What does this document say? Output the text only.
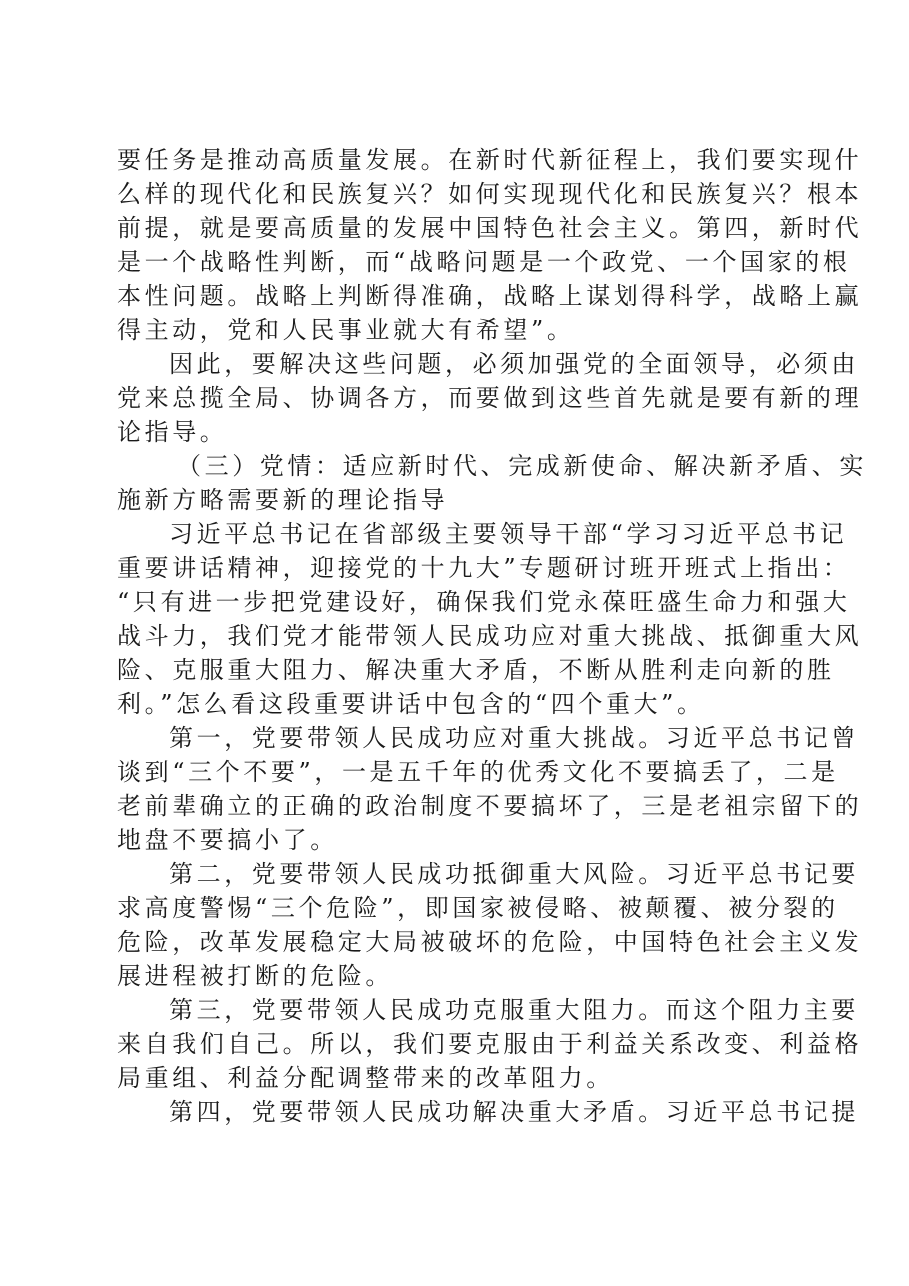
要任务是推动高质量发展。在新时代新征程上，我们要实现什
么样的现代化和民族复兴？如何实现现代化和民族复兴？根本
前提，就是要高质量的发展中国特色社会主义。第四，新时代
是一个战略性判断，而“战略问题是一个政党、一个国家的根
本性问题。战略上判断得准确，战略上谋划得科学，战略上赢
得主动，党和人民事业就大有希望”。
因此，要解决这些问题，必须加强党的全面领导，必须由
党来总揽全局、协调各方，而要做到这些首先就是要有新的理
论指导。
（三）党情：适应新时代、完成新使命、解决新矛盾、实
施新方略需要新的理论指导
习近平总书记在省部级主要领导干部“学习习近平总书记
重要讲话精神，迎接党的十九大”专题研讨班开班式上指出：
“只有进一步把党建设好，确保我们党永葆旺盛生命力和强大
战斗力，我们党才能带领人民成功应对重大挑战、抵御重大风
险、克服重大阻力、解决重大矛盾，不断从胜利走向新的胜
利。”怎么看这段重要讲话中包含的“四个重大”。
第一，党要带领人民成功应对重大挑战。习近平总书记曾
谈到“三个不要”，一是五千年的优秀文化不要搞丢了，二是
老前辈确立的正确的政治制度不要搞坏了，三是老祖宗留下的
地盘不要搞小了。
第二，党要带领人民成功抵御重大风险。习近平总书记要
求高度警惕“三个危险”，即国家被侵略、被颠覆、被分裂的
危险，改革发展稳定大局被破坏的危险，中国特色社会主义发
展进程被打断的危险。
第三，党要带领人民成功克服重大阻力。而这个阻力主要
来自我们自己。所以，我们要克服由于利益关系改变、利益格
局重组、利益分配调整带来的改革阻力。
第四，党要带领人民成功解决重大矛盾。习近平总书记提
